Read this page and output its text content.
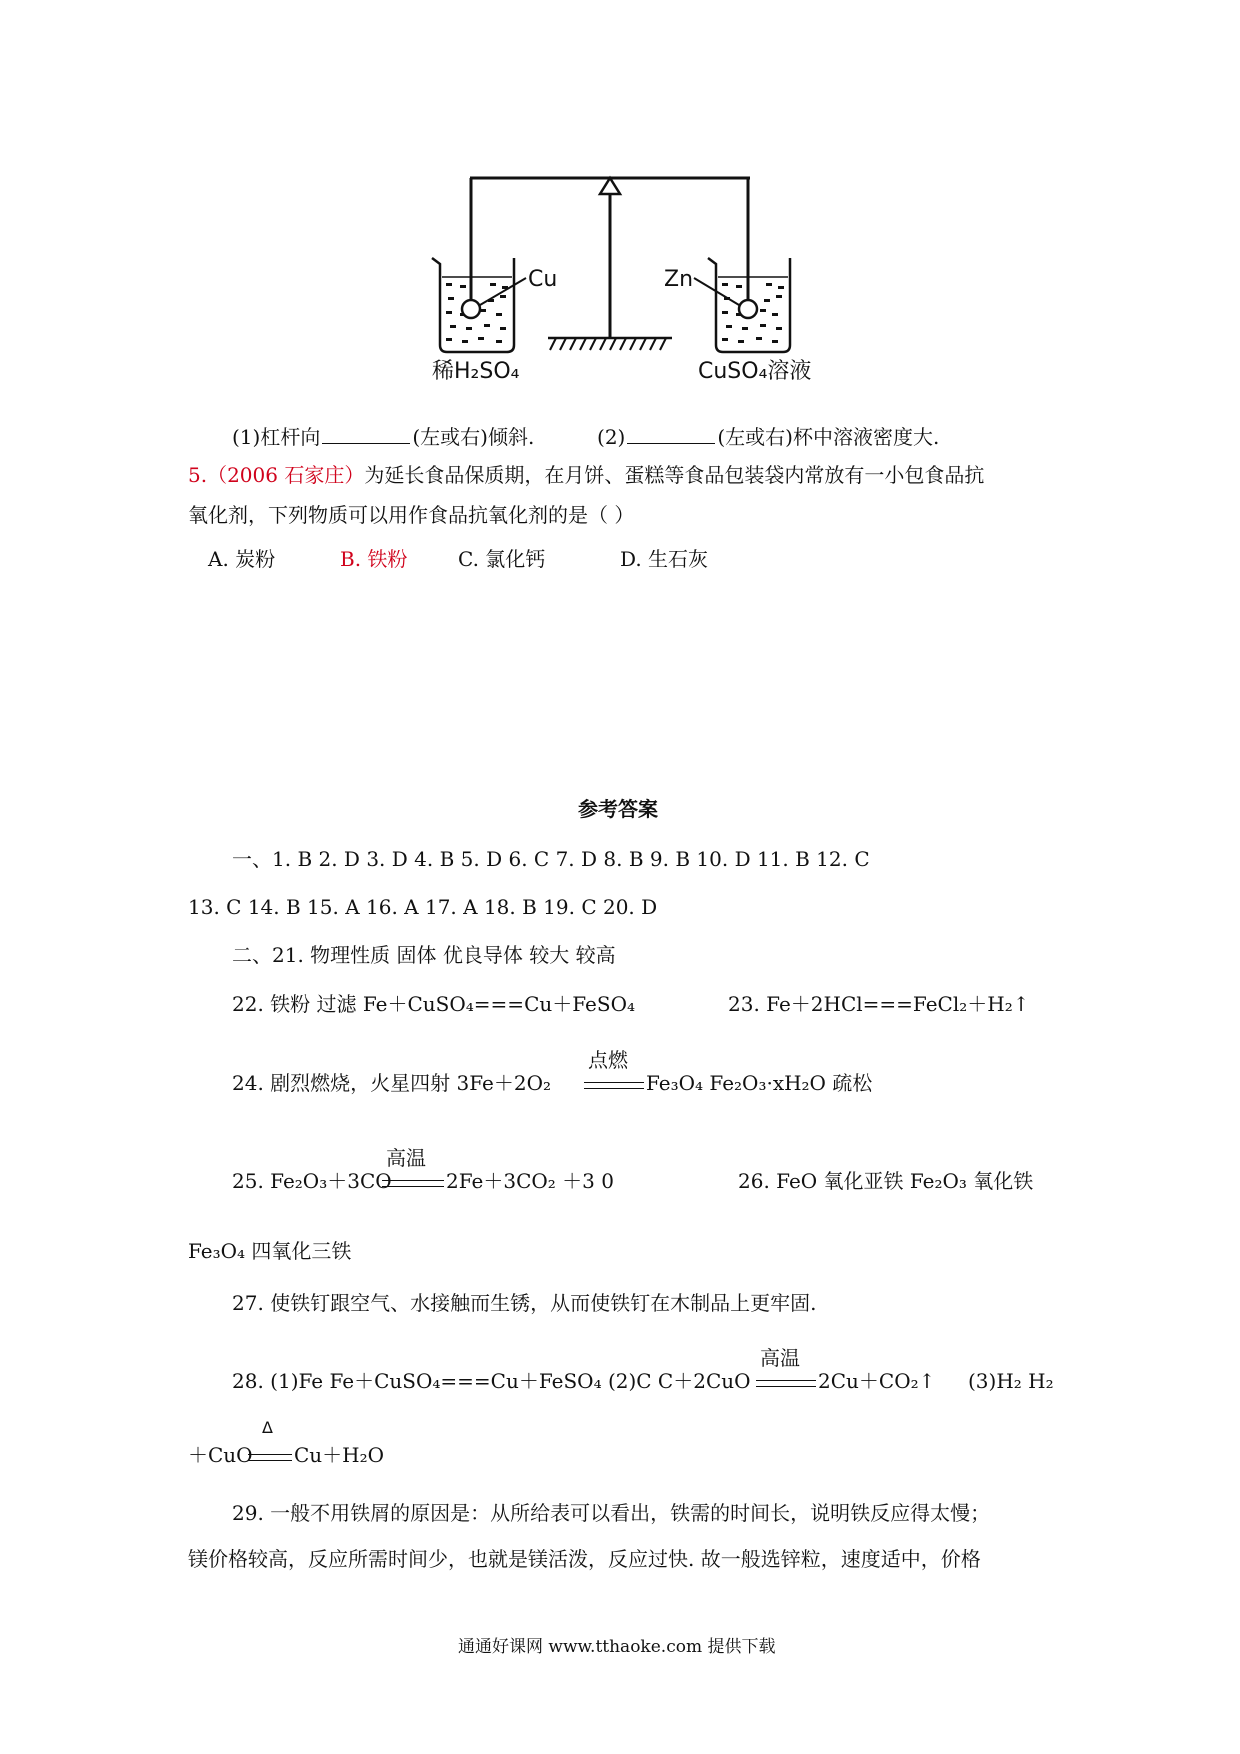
Cu
稀H₂SO₄
Zn
CuSO₄溶液
(1)杠杆向	(左或右)倾斜.	(2)	(左或右)杯中溶液密度大.
5.（2006 石家庄）为延长食品保质期，在月饼、蛋糕等食品包装袋内常放有一小包食品抗
氧化剂，下列物质可以用作食品抗氧化剂的是（ ）
A. 炭粉	B. 铁粉	C. 氯化钙	D. 生石灰
参考答案
一、1. B 2. D 3. D 4. B 5. D 6. C 7. D 8. B 9. B 10. D 11. B 12. C
13. C 14. B 15. A 16. A 17. A 18. B 19. C 20. D
二、21. 物理性质 固体 优良导体 较大 较高
22. 铁粉 过滤 Fe＋CuSO₄===Cu＋FeSO₄	23. Fe＋2HCl===FeCl₂＋H₂↑
24. 剧烈燃烧，火星四射 3Fe＋2O₂
点燃
Fe₃O₄ Fe₂O₃·xH₂O 疏松
25. Fe₂O₃＋3CO
高温
2Fe＋3CO₂ ＋3 0	26. FeO 氧化亚铁 Fe₂O₃ 氧化铁
Fe₃O₄ 四氧化三铁
27. 使铁钉跟空气、水接触而生锈，从而使铁钉在木制品上更牢固.
28. (1)Fe Fe＋CuSO₄===Cu＋FeSO₄ (2)C C＋2CuO
高温
2Cu＋CO₂↑ (3)H₂ H₂
＋CuO
Δ
Cu＋H₂O
29. 一般不用铁屑的原因是：从所给表可以看出，铁需的时间长，说明铁反应得太慢；
镁价格较高，反应所需时间少，也就是镁活泼，反应过快. 故一般选锌粒，速度适中，价格
通通好课网 www.tthaoke.com 提供下载
